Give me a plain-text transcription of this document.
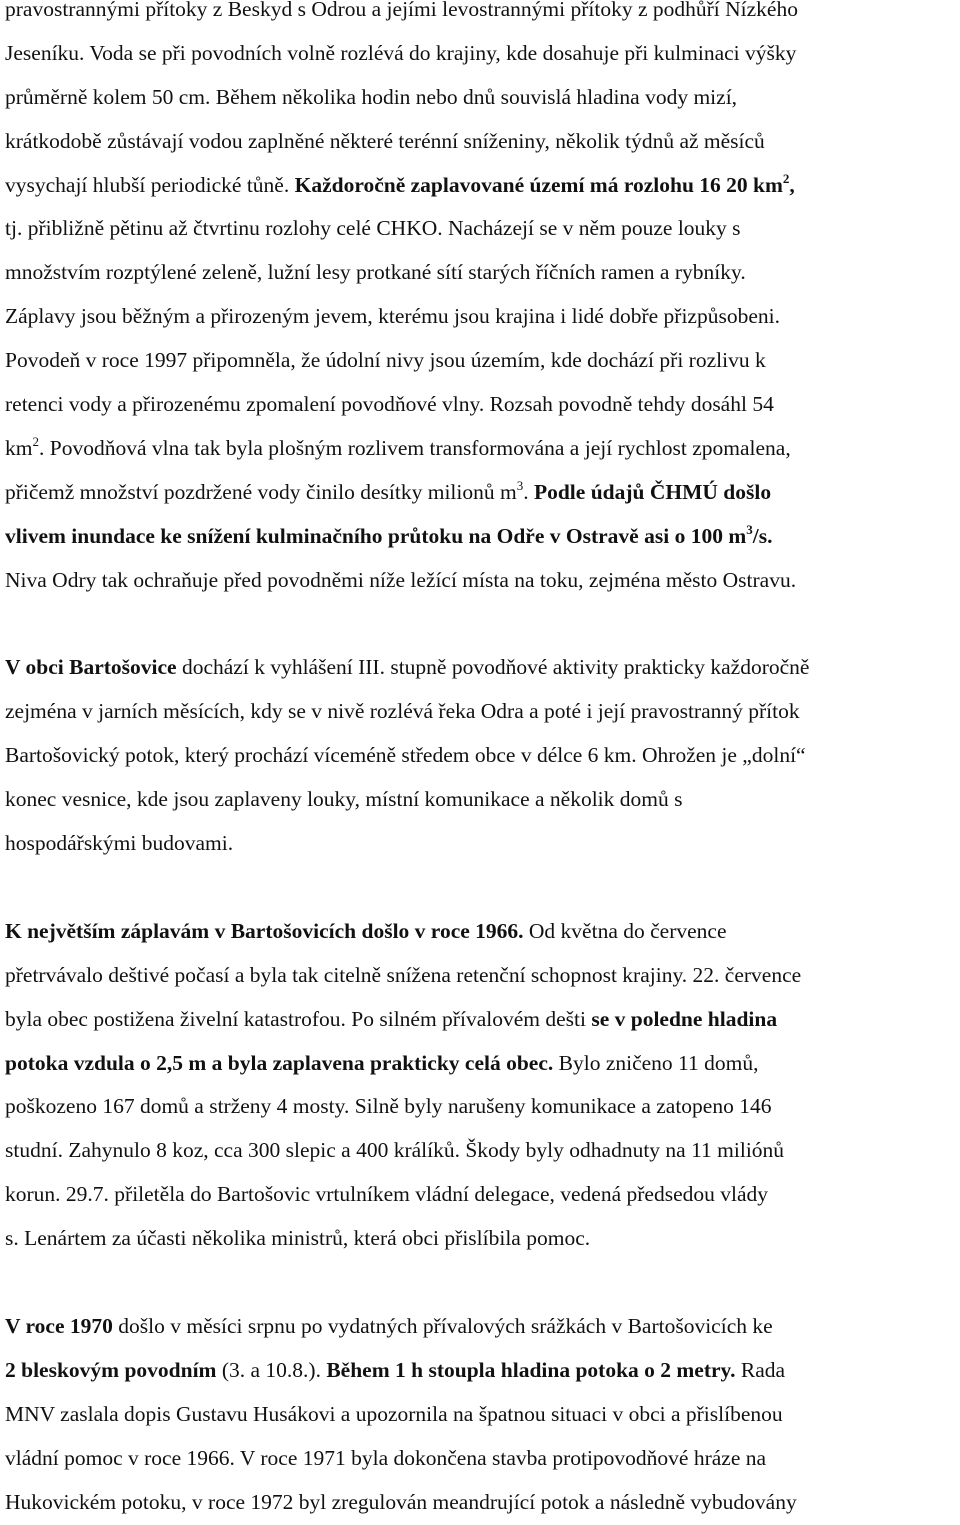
pravostrannými přítoky z Beskyd s Odrou a jejími levostrannými přítoky z podhůří Nízkého
Jeseníku. Voda se při povodních volně rozlévá do krajiny, kde dosahuje při kulminaci výšky
průměrně kolem 50 cm. Během několika hodin nebo dnů souvislá hladina vody mizí,
krátkodobě zůstávají vodou zaplněné některé terénní sníženiny, několik týdnů až měsíců
vysychají hlubší periodické tůně. Každoročně zaplavované území má rozlohu 16 20 $km^2$,
tj. přibližně pětinu až čtvrtinu rozlohy celé CHKO. Nacházejí se v něm pouze louky s
množstvím rozptýlené zeleně, lužní lesy protkané sítí starých říčních ramen a rybníky.
Záplavy jsou běžným a přirozeným jevem, kterému jsou krajina i lidé dobře přizpůsobeni.
Povodeň v roce 1997 připomněla, že údolní nivy jsou územím, kde dochází při rozlivu k
retenci vody a přirozenému zpomalení povodňové vlny. Rozsah povodně tehdy dosáhl 54
$km^2$. Povodňová vlna tak byla plošným rozlivem transformována a její rychlost zpomalena,
přičemž množství pozdržené vody činilo desítky milionů $m^3$. Podle údajů ČHMÚ došlo
vlivem inundace ke snížení kulminačního průtoku na Odře v Ostravě asi o 100 $m^3/s$.
Niva Odry tak ochraňuje před povodněmi níže ležící místa na toku, zejména město Ostravu.

V obci Bartošovice dochází k vyhlášení III. stupně povodňové aktivity prakticky každoročně
zejména v jarních měsících, kdy se v nivě rozlévá řeka Odra a poté i její pravostranný přítok
Bartošovický potok, který prochází víceméně středem obce v délce 6 km. Ohrožen je „dolní“
konec vesnice, kde jsou zaplaveny louky, místní komunikace a několik domů s
hospodářskými budovami.

K největším záplavám v Bartošovicích došlo v roce 1966. Od května do července
přetrvávalo deštivé počasí a byla tak citelně snížena retenční schopnost krajiny. 22. července
byla obec postižena živelní katastrofou. Po silném přívalovém dešti se v poledne hladina
potoka vzdula o 2,5 m a byla zaplavena prakticky celá obec. Bylo zničeno 11 domů,
poškozeno 167 domů a strženy 4 mosty. Silně byly narušeny komunikace a zatopeno 146
studní. Zahynulo 8 koz, cca 300 slepic a 400 králíků. Škody byly odhadnuty na 11 miliónů
korun. 29.7. přiletěla do Bartošovic vrtulníkem vládní delegace, vedená předsedou vlády
s. Lenártem za účasti několika ministrů, která obci přislíbila pomoc.

V roce 1970 došlo v měsíci srpnu po vydatných přívalových srážkách v Bartošovicích ke
2 bleskovým povodním (3. a 10.8.). Během 1 h stoupla hladina potoka o 2 metry. Rada
MNV zaslala dopis Gustavu Husákovi a upozornila na špatnou situaci v obci a přislíbenou
vládní pomoc v roce 1966. V roce 1971 byla dokončena stavba protipovodňové hráze na
Hukovickém potoku, v roce 1972 byl zregulován meandrující potok a následně vybudovány
